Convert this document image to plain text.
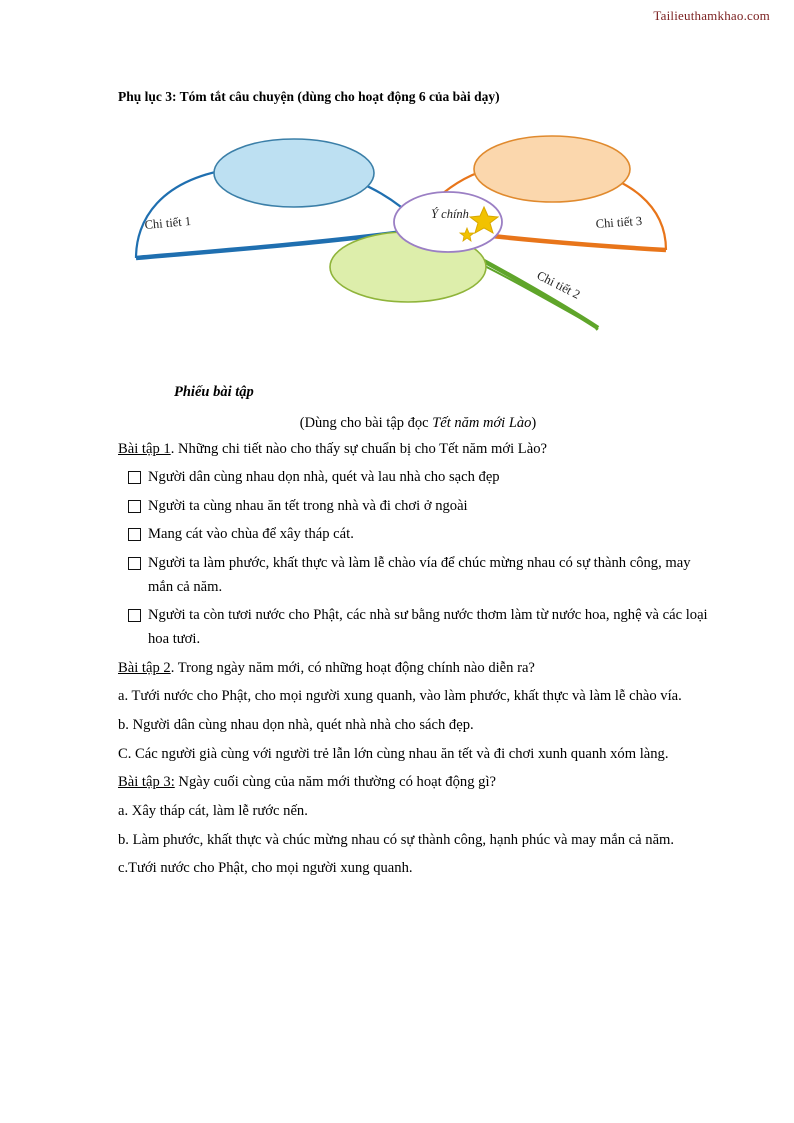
Tailieuthamkhao.com
Phụ lục 3: Tóm tắt câu chuyện (dùng cho hoạt động 6 của bài dạy)
Ý chính
Chi tiết 1
Chi tiết 2
Chi tiết 3
Phiếu bài tập
(Dùng cho bài tập đọc Tết năm mới Lào)
Bài tập 1. Những chi tiết nào cho thấy sự chuẩn bị cho Tết năm mới Lào?
Người dân cùng nhau dọn nhà, quét và lau nhà cho sạch đẹp
Người ta cùng nhau ăn tết trong nhà và đi chơi ở ngoài
Mang cát vào chùa để xây tháp cát.
Người ta làm phước, khất thực và làm lễ chào vía để chúc mừng nhau có sự thành công, may mắn cả năm.
Người ta còn tươi nước cho Phật, các nhà sư bằng nước thơm làm từ nước hoa, nghệ và các loại hoa tươi.
Bài tập 2. Trong ngày năm mới, có những hoạt động chính nào diễn ra?
a. Tưới nước cho Phật, cho mọi người xung quanh, vào làm phước, khất thực và làm lễ chào vía.
b. Người dân cùng nhau dọn nhà, quét nhà nhà cho sách đẹp.
C. Các người già cùng với người trẻ lẫn lớn cùng nhau ăn tết và đi chơi xunh quanh xóm làng.
Bài tập 3: Ngày cuối cùng của năm mới thường có hoạt động gì?
a. Xây tháp cát, làm lễ rước nến.
b. Làm phước, khất thực và chúc mừng nhau có sự thành công, hạnh phúc và may mắn cả năm.
c.Tưới nước cho Phật, cho mọi người xung quanh.
